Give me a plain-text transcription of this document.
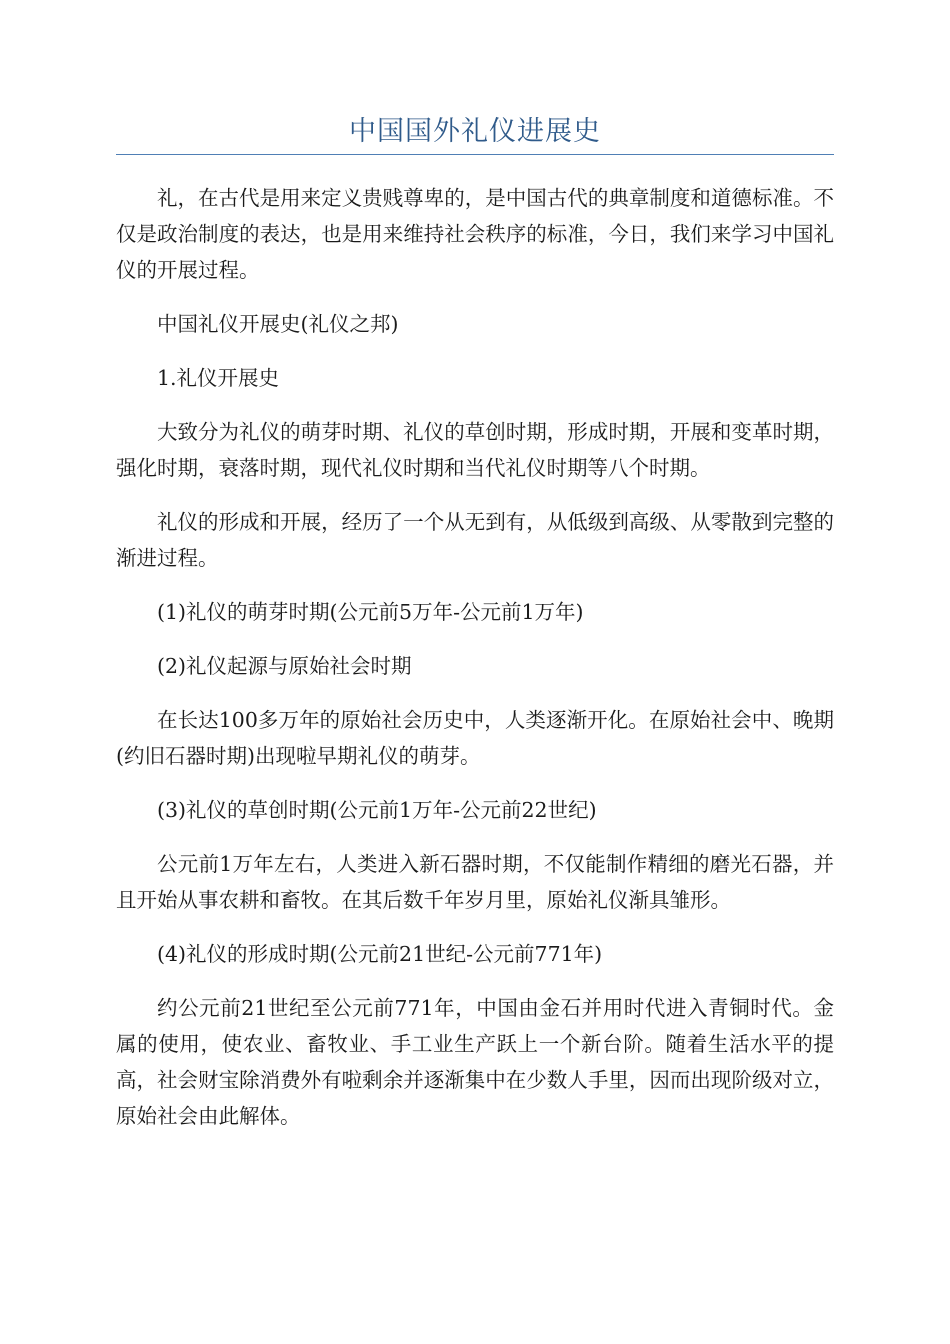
中国国外礼仪进展史

礼，在古代是用来定义贵贱尊卑的，是中国古代的典章制度和道德标准。不仅是政治制度的表达，也是用来维持社会秩序的标准，今日，我们来学习中国礼仪的开展过程。

中国礼仪开展史(礼仪之邦)

1.礼仪开展史

大致分为礼仪的萌芽时期、礼仪的草创时期，形成时期，开展和变革时期，强化时期，衰落时期，现代礼仪时期和当代礼仪时期等八个时期。

礼仪的形成和开展，经历了一个从无到有，从低级到高级、从零散到完整的渐进过程。

(1)礼仪的萌芽时期(公元前5万年-公元前1万年)

(2)礼仪起源与原始社会时期

在长达100多万年的原始社会历史中，人类逐渐开化。在原始社会中、晚期(约旧石器时期)出现啦早期礼仪的萌芽。

(3)礼仪的草创时期(公元前1万年-公元前22世纪)

公元前1万年左右，人类进入新石器时期，不仅能制作精细的磨光石器，并且开始从事农耕和畜牧。在其后数千年岁月里，原始礼仪渐具雏形。

(4)礼仪的形成时期(公元前21世纪-公元前771年)

约公元前21世纪至公元前771年，中国由金石并用时代进入青铜时代。金属的使用，使农业、畜牧业、手工业生产跃上一个新台阶。随着生活水平的提高，社会财宝除消费外有啦剩余并逐渐集中在少数人手里，因而出现阶级对立，原始社会由此解体。
